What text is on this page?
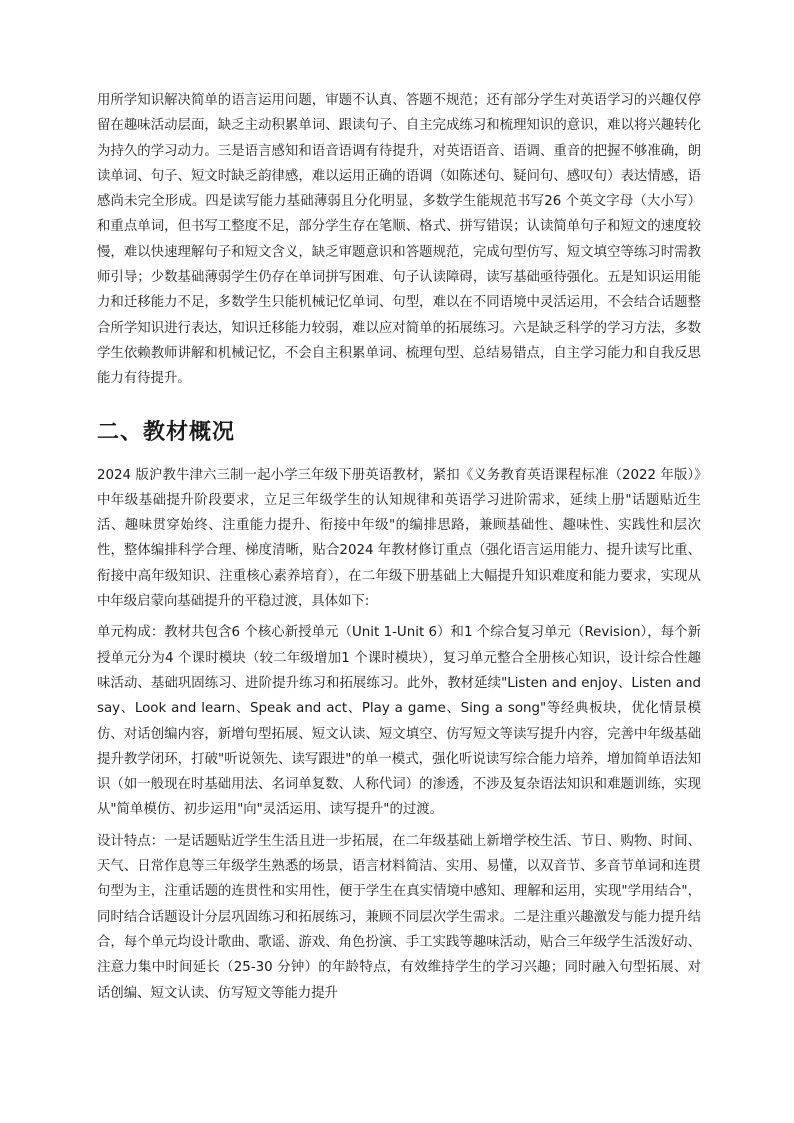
用所学知识解决简单的语言运用问题，审题不认真、答题不规范；还有部分学生对英语学习的兴趣仅停留在趣味活动层面，缺乏主动积累单词、跟读句子、自主完成练习和梳理知识的意识，难以将兴趣转化为持久的学习动力。三是语言感知和语音语调有待提升，对英语语音、语调、重音的把握不够准确，朗读单词、句子、短文时缺乏韵律感，难以运用正确的语调（如陈述句、疑问句、感叹句）表达情感，语感尚未完全形成。四是读写能力基础薄弱且分化明显，多数学生能规范书写26 个英文字母（大小写）和重点单词，但书写工整度不足，部分学生存在笔顺、格式、拼写错误；认读简单句子和短文的速度较慢，难以快速理解句子和短文含义，缺乏审题意识和答题规范，完成句型仿写、短文填空等练习时需教师引导；少数基础薄弱学生仍存在单词拼写困难、句子认读障碍，读写基础亟待强化。五是知识运用能力和迁移能力不足，多数学生只能机械记忆单词、句型，难以在不同语境中灵活运用，不会结合话题整合所学知识进行表达，知识迁移能力较弱，难以应对简单的拓展练习。六是缺乏科学的学习方法，多数学生依赖教师讲解和机械记忆，不会自主积累单词、梳理句型、总结易错点，自主学习能力和自我反思能力有待提升。

二、教材概况

2024 版沪教牛津六三制一起小学三年级下册英语教材，紧扣《义务教育英语课程标准（2022 年版）》中年级基础提升阶段要求，立足三年级学生的认知规律和英语学习进阶需求，延续上册"话题贴近生活、趣味贯穿始终、注重能力提升、衔接中年级"的编排思路，兼顾基础性、趣味性、实践性和层次性，整体编排科学合理、梯度清晰，贴合2024 年教材修订重点（强化语言运用能力、提升读写比重、衔接中高年级知识、注重核心素养培育），在二年级下册基础上大幅提升知识难度和能力要求，实现从中年级启蒙向基础提升的平稳过渡，具体如下:

单元构成：教材共包含6 个核心新授单元（Unit 1-Unit 6）和1 个综合复习单元（Revision），每个新授单元分为4 个课时模块（较二年级增加1 个课时模块），复习单元整合全册核心知识，设计综合性趣味活动、基础巩固练习、进阶提升练习和拓展练习。此外，教材延续"Listen and enjoy、Listen and say、Look and learn、Speak and act、Play a game、Sing a song"等经典板块，优化情景模仿、对话创编内容，新增句型拓展、短文认读、短文填空、仿写短文等读写提升内容，完善中年级基础提升教学闭环，打破"听说领先、读写跟进"的单一模式，强化听说读写综合能力培养，增加简单语法知识（如一般现在时基础用法、名词单复数、人称代词）的渗透，不涉及复杂语法知识和难题训练，实现从"简单模仿、初步运用"向"灵活运用、读写提升"的过渡。

设计特点：一是话题贴近学生生活且进一步拓展，在二年级基础上新增学校生活、节日、购物、时间、天气、日常作息等三年级学生熟悉的场景，语言材料简洁、实用、易懂，以双音节、多音节单词和连贯句型为主，注重话题的连贯性和实用性，便于学生在真实情境中感知、理解和运用，实现"学用结合"，同时结合话题设计分层巩固练习和拓展练习，兼顾不同层次学生需求。二是注重兴趣激发与能力提升结合，每个单元均设计歌曲、歌谣、游戏、角色扮演、手工实践等趣味活动，贴合三年级学生活泼好动、注意力集中时间延长（25-30 分钟）的年龄特点，有效维持学生的学习兴趣；同时融入句型拓展、对话创编、短文认读、仿写短文等能力提升
